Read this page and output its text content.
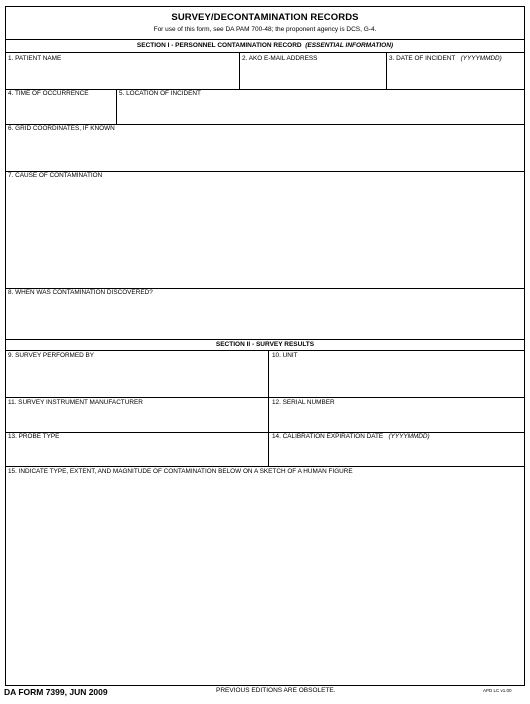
SURVEY/DECONTAMINATION RECORDS
For use of this form, see DA PAM 700-48; the proponent agency is DCS, G-4.
SECTION I - PERSONNEL CONTAMINATION RECORD (ESSENTIAL INFORMATION)
1. PATIENT NAME	2. AKO E-MAIL ADDRESS	3. DATE OF INCIDENT (YYYYMMDD)
4. TIME OF OCCURRENCE	5. LOCATION OF INCIDENT
6. GRID COORDINATES, IF KNOWN
7. CAUSE OF CONTAMINATION
8. WHEN WAS CONTAMINATION DISCOVERED?
SECTION II - SURVEY RESULTS
9. SURVEY PERFORMED BY	10. UNIT
11. SURVEY INSTRUMENT MANUFACTURER	12. SERIAL NUMBER
13. PROBE TYPE	14. CALIBRATION EXPIRATION DATE (YYYYMMDD)
15. INDICATE TYPE, EXTENT, AND MAGNITUDE OF CONTAMINATION BELOW ON A SKETCH OF A HUMAN FIGURE
DA FORM 7399, JUN 2009	PREVIOUS EDITIONS ARE OBSOLETE.	APD LC v1.00
